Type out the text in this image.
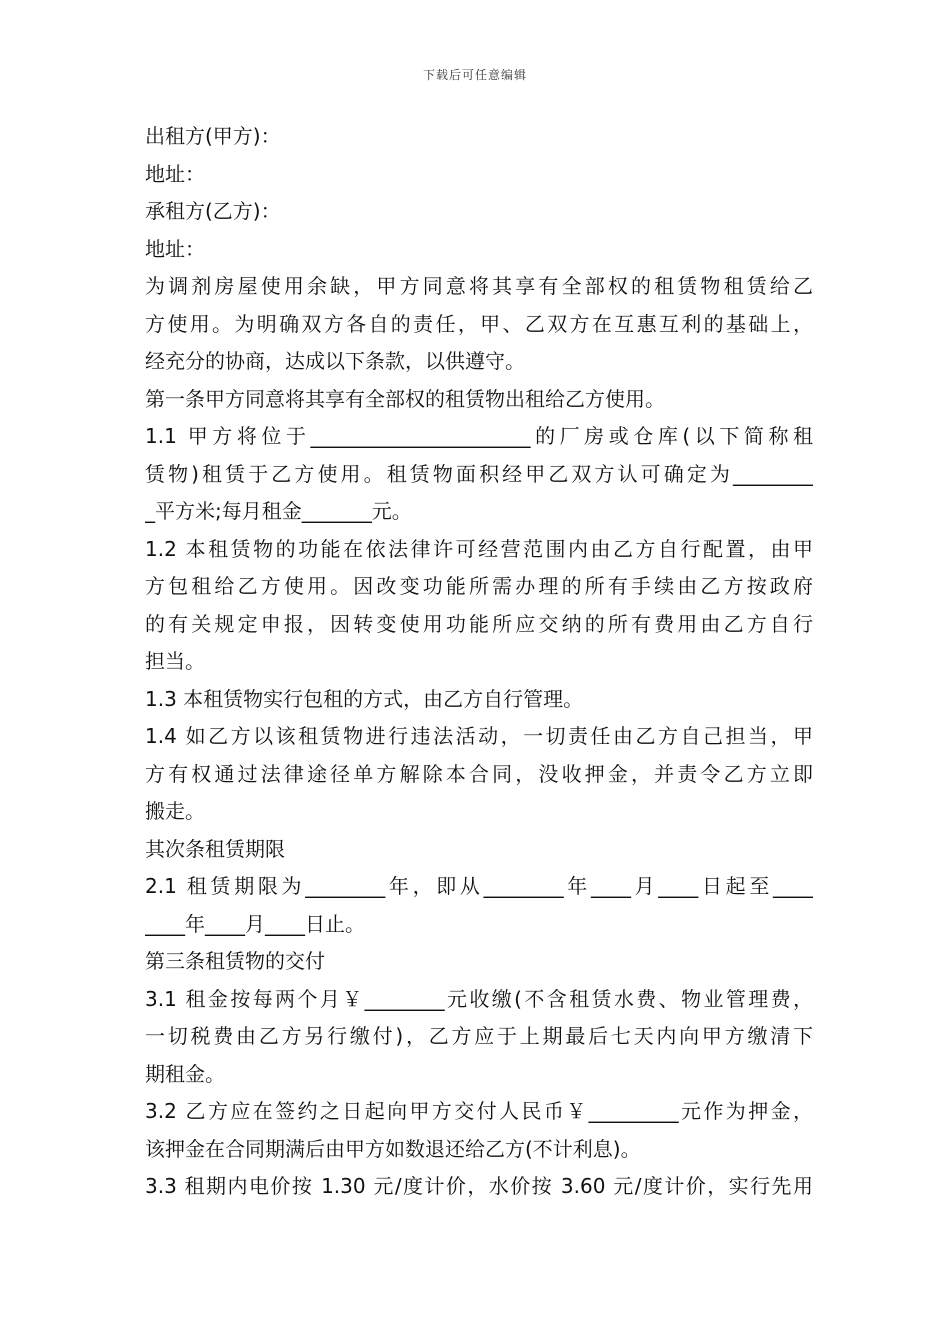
下载后可任意编辑
出租方(甲方)：
地址：
承租方(乙方)：
地址：
为调剂房屋使用余缺，甲方同意将其享有全部权的租赁物租赁给乙
方使用。为明确双方各自的责任，甲、乙双方在互惠互利的基础上，
经充分的协商，达成以下条款，以供遵守。
第一条甲方同意将其享有全部权的租赁物出租给乙方使用。
1.1 甲方将位于______________________的厂房或仓库(以下简称租
赁物)租赁于乙方使用。租赁物面积经甲乙双方认可确定为________
_平方米;每月租金_______元。
1.2 本租赁物的功能在依法律许可经营范围内由乙方自行配置，由甲
方包租给乙方使用。因改变功能所需办理的所有手续由乙方按政府
的有关规定申报，因转变使用功能所应交纳的所有费用由乙方自行
担当。
1.3 本租赁物实行包租的方式，由乙方自行管理。
1.4 如乙方以该租赁物进行违法活动，一切责任由乙方自己担当，甲
方有权通过法律途径单方解除本合同，没收押金，并责令乙方立即
搬走。
其次条租赁期限
2.1 租赁期限为________年，即从________年____月____日起至____
____年____月____日止。
第三条租赁物的交付
3.1 租金按每两个月￥________元收缴(不含租赁水费、物业管理费，
一切税费由乙方另行缴付)，乙方应于上期最后七天内向甲方缴清下
期租金。
3.2 乙方应在签约之日起向甲方交付人民币￥_________元作为押金，
该押金在合同期满后由甲方如数退还给乙方(不计利息)。
3.3 租期内电价按 1.30 元/度计价，水价按 3.60 元/度计价，实行先用
